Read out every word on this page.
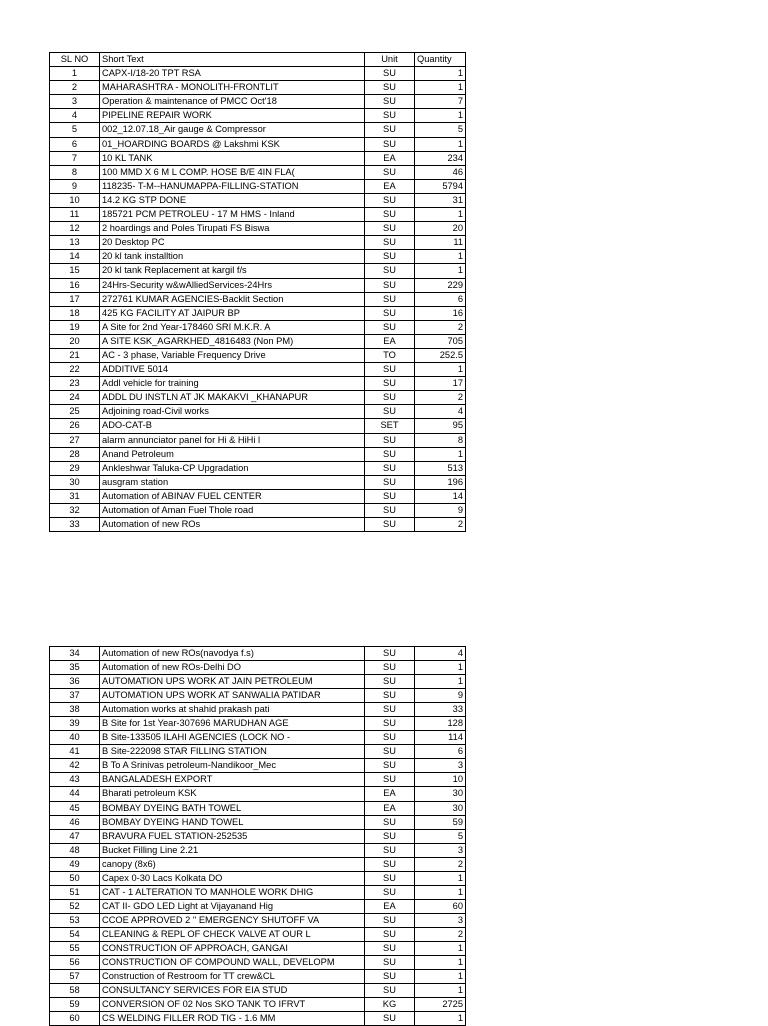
SL NO	Short Text	Unit	Quantity
1	CAPX-I/18-20 TPT RSA	SU	1
2	MAHARASHTRA - MONOLITH-FRONTLIT	SU	1
3	Operation & maintenance of PMCC Oct'18	SU	7
4	PIPELINE REPAIR WORK	SU	1
5	002_12.07.18_Air gauge & Compressor	SU	5
6	01_HOARDING BOARDS @ Lakshmi KSK	SU	1
7	10 KL TANK	EA	234
8	100 MMD X 6 M L COMP. HOSE B/E 4IN FLA(	SU	46
9	118235- T-M--HANUMAPPA-FILLING-STATION	EA	5794
10	14.2 KG STP DONE	SU	31
11	185721 PCM PETROLEU - 17 M HMS - Inland	SU	1
12	2 hoardings and Poles Tirupati FS Biswa	SU	20
13	20 Desktop PC	SU	11
14	20 kl tank installtion	SU	1
15	20 kl tank Replacement at kargil f/s	SU	1
16	24Hrs-Security w&wAlliedServices-24Hrs	SU	229
17	272761 KUMAR AGENCIES-Backlit Section	SU	6
18	425 KG FACILITY AT JAIPUR BP	SU	16
19	A Site for 2nd Year-178460 SRI M.K.R. A	SU	2
20	A SITE KSK_AGARKHED_4816483 (Non PM)	EA	705
21	AC - 3 phase, Variable Frequency Drive	TO	252.5
22	ADDITIVE 5014	SU	1
23	Addl vehicle for training	SU	17
24	ADDL DU INSTLN AT JK MAKAKVI _KHANAPUR	SU	2
25	Adjoining road-Civil works	SU	4
26	ADO-CAT-B	SET	95
27	alarm annunciator panel for Hi & HiHi l	SU	8
28	Anand Petroleum	SU	1
29	Ankleshwar Taluka-CP Upgradation	SU	513
30	ausgram station	SU	196
31	Automation of ABINAV FUEL CENTER	SU	14
32	Automation of Aman Fuel Thole road	SU	9
33	Automation of new ROs	SU	2
34	Automation of new ROs(navodya f.s)	SU	4
35	Automation of new ROs-Delhi DO	SU	1
36	AUTOMATION UPS WORK AT JAIN PETROLEUM	SU	1
37	AUTOMATION UPS WORK AT SANWALIA PATIDAR	SU	9
38	Automation works at shahid prakash pati	SU	33
39	B Site for 1st Year-307696 MARUDHAN AGE	SU	128
40	B Site-133505 ILAHI AGENCIES (LOCK NO -	SU	114
41	B Site-222098 STAR FILLING STATION	SU	6
42	B To A Srinivas petroleum-Nandikoor_Mec	SU	3
43	BANGALADESH EXPORT	SU	10
44	Bharati petroleum KSK	EA	30
45	BOMBAY DYEING BATH TOWEL	EA	30
46	BOMBAY DYEING HAND TOWEL	SU	59
47	BRAVURA FUEL STATION-252535	SU	5
48	Bucket Filling Line 2.21	SU	3
49	canopy (8x6)	SU	2
50	Capex 0-30 Lacs Kolkata DO	SU	1
51	CAT - 1 ALTERATION TO MANHOLE WORK DHIG	SU	1
52	CAT II- GDO LED Light at Vijayanand Hig	EA	60
53	CCOE APPROVED 2 " EMERGENCY SHUTOFF VA	SU	3
54	CLEANING & REPL OF CHECK VALVE AT OUR L	SU	2
55	CONSTRUCTION OF APPROACH, GANGAI	SU	1
56	CONSTRUCTION OF COMPOUND WALL, DEVELOPM	SU	1
57	Construction of Restroom for TT crew&CL	SU	1
58	CONSULTANCY SERVICES FOR EIA STUD	SU	1
59	CONVERSION OF 02 Nos SKO TANK TO IFRVT	KG	2725
60	CS WELDING FILLER ROD TIG - 1.6 MM	SU	1
